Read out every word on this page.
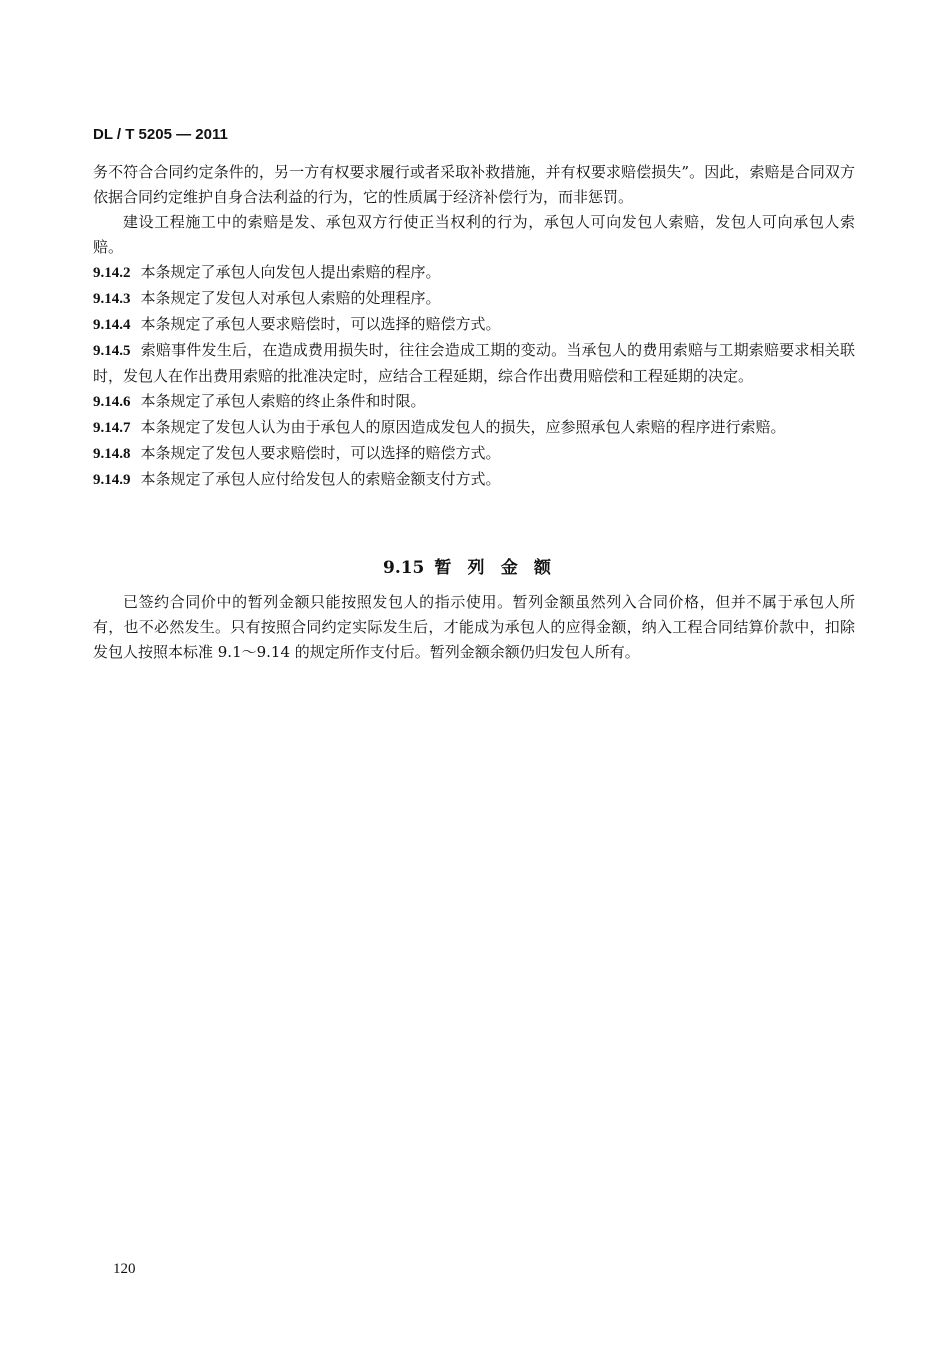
DL / T 5205 — 2011

务不符合合同约定条件的，另一方有权要求履行或者采取补救措施，并有权要求赔偿损失”。因此，索赔是合同双方依据合同约定维护自身合法利益的行为，它的性质属于经济补偿行为，而非惩罚。

建设工程施工中的索赔是发、承包双方行使正当权利的行为，承包人可向发包人索赔，发包人可向承包人索赔。

9.14.2 本条规定了承包人向发包人提出索赔的程序。

9.14.3 本条规定了发包人对承包人索赔的处理程序。

9.14.4 本条规定了承包人要求赔偿时，可以选择的赔偿方式。

9.14.5 索赔事件发生后，在造成费用损失时，往往会造成工期的变动。当承包人的费用索赔与工期索赔要求相关联时，发包人在作出费用索赔的批准决定时，应结合工程延期，综合作出费用赔偿和工程延期的决定。

9.14.6 本条规定了承包人索赔的终止条件和时限。

9.14.7 本条规定了发包人认为由于承包人的原因造成发包人的损失，应参照承包人索赔的程序进行索赔。

9.14.8 本条规定了发包人要求赔偿时，可以选择的赔偿方式。

9.14.9 本条规定了承包人应付给发包人的索赔金额支付方式。

9.15 暂列金额

已签约合同价中的暂列金额只能按照发包人的指示使用。暂列金额虽然列入合同价格，但并不属于承包人所有，也不必然发生。只有按照合同约定实际发生后，才能成为承包人的应得金额，纳入工程合同结算价款中，扣除发包人按照本标准 9.1～9.14 的规定所作支付后。暂列金额余额仍归发包人所有。

120
